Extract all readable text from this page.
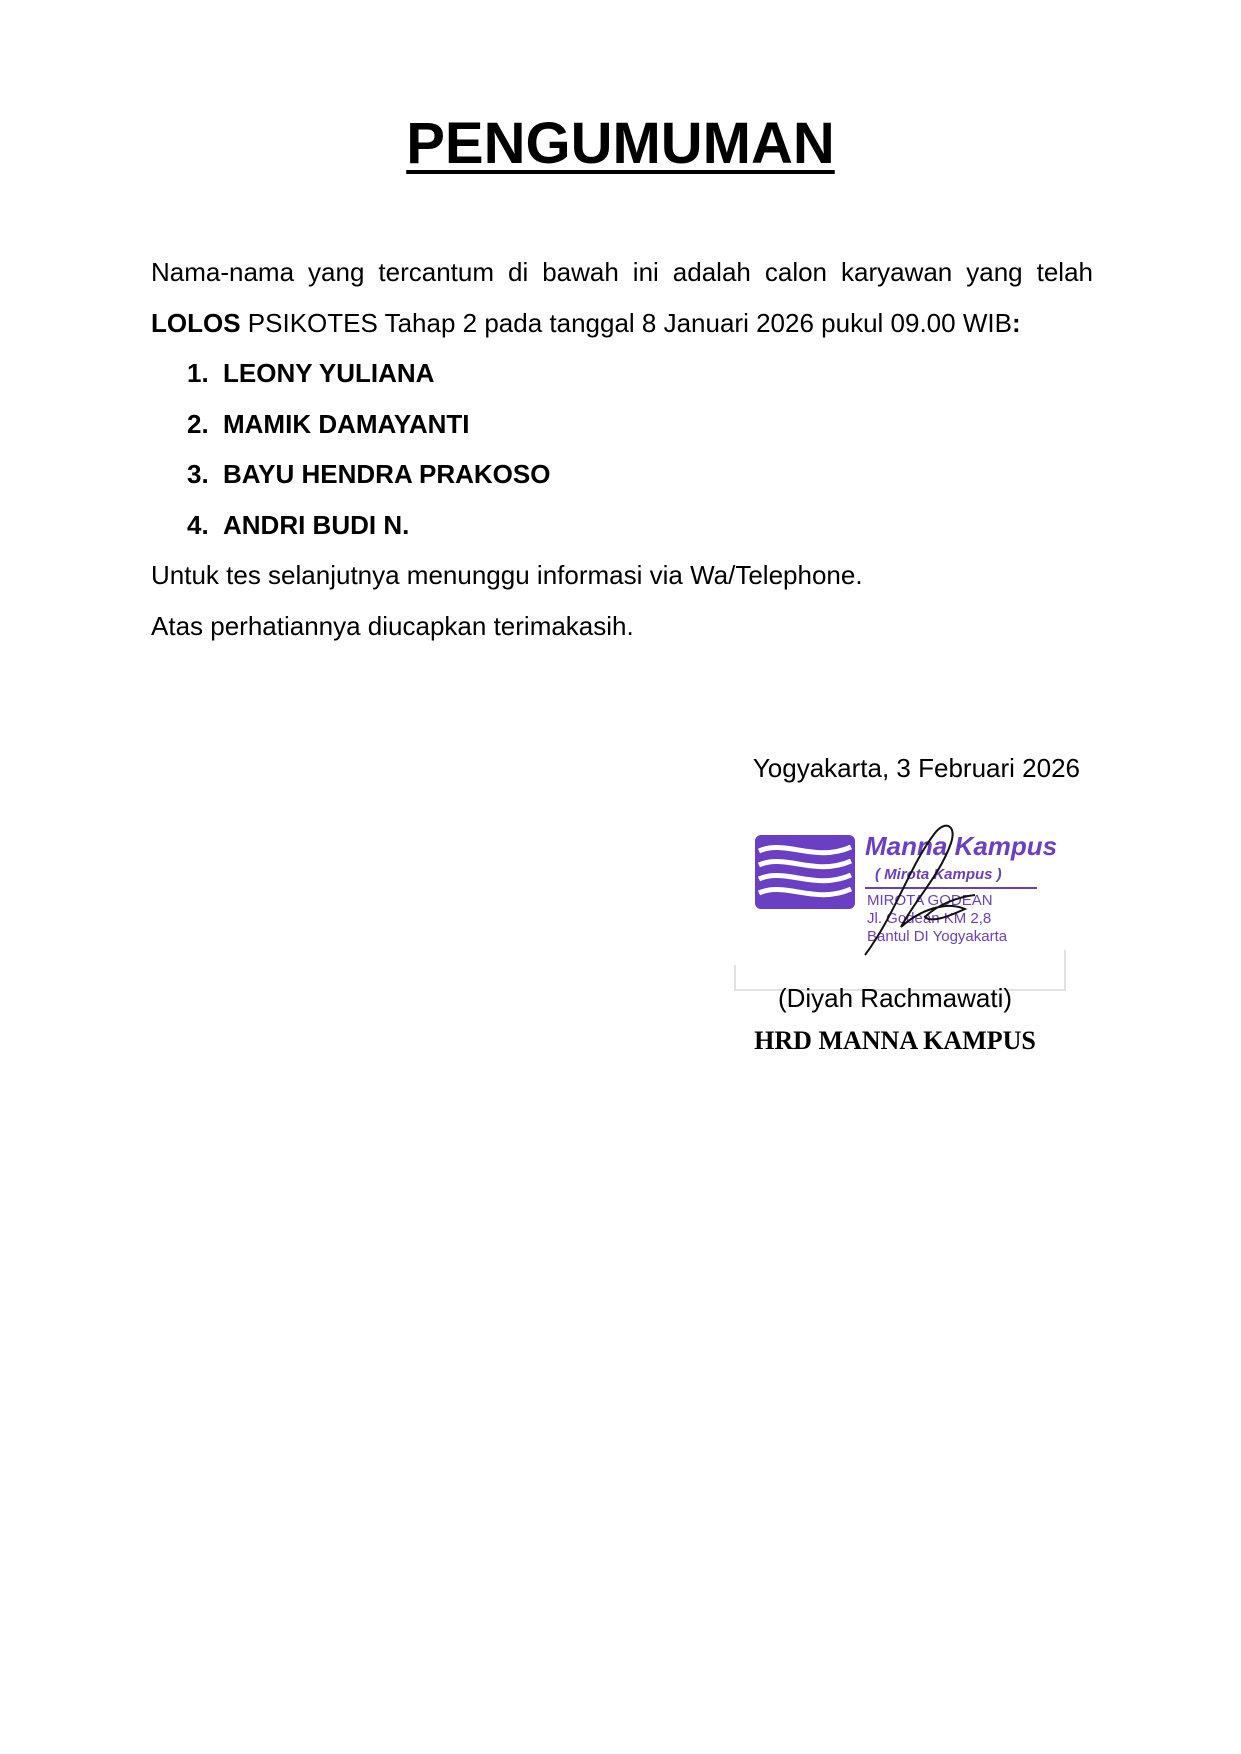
PENGUMUMAN

Nama-nama yang tercantum di bawah ini adalah calon karyawan yang telah LOLOS PSIKOTES Tahap 2 pada tanggal 8 Januari 2026 pukul 09.00 WIB:

1. LEONY YULIANA
2. MAMIK DAMAYANTI
3. BAYU HENDRA PRAKOSO
4. ANDRI BUDI N.

Untuk tes selanjutnya menunggu informasi via Wa/Telephone.

Atas perhatiannya diucapkan terimakasih.

Yogyakarta, 3 Februari 2026
Manna Kampus
( Mirota Kampus )
MIROTA GODEAN
Jl. Godean KM 2,8
Bantul DI Yogyakarta
(Diyah Rachmawati)
HRD MANNA KAMPUS
